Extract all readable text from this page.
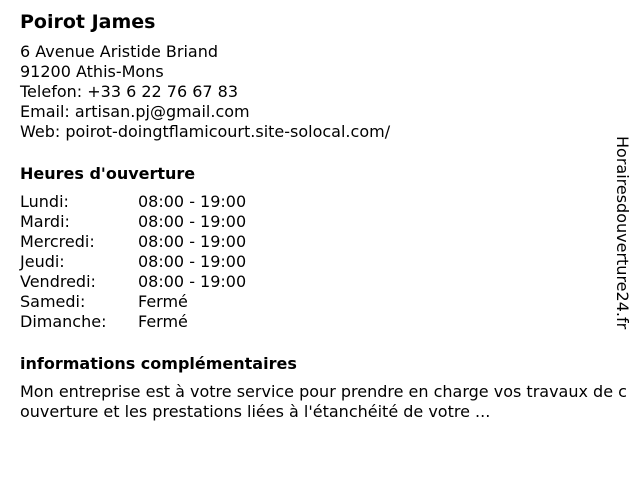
Poirot James
6 Avenue Aristide Briand
91200 Athis-Mons
Telefon: +33 6 22 76 67 83
Email: artisan.pj@gmail.com
Web: poirot-doingtflamicourt.site-solocal.com/
Heures d'ouverture
Lundi:	08:00 - 19:00
Mardi:	08:00 - 19:00
Mercredi:	08:00 - 19:00
Jeudi:	08:00 - 19:00
Vendredi:	08:00 - 19:00
Samedi:	Fermé
Dimanche:	Fermé
informations complémentaires
Mon entreprise est à votre service pour prendre en charge vos travaux de couverture et les prestations liées à l'étanchéité de votre ...
Horairesdouverture24.fr
